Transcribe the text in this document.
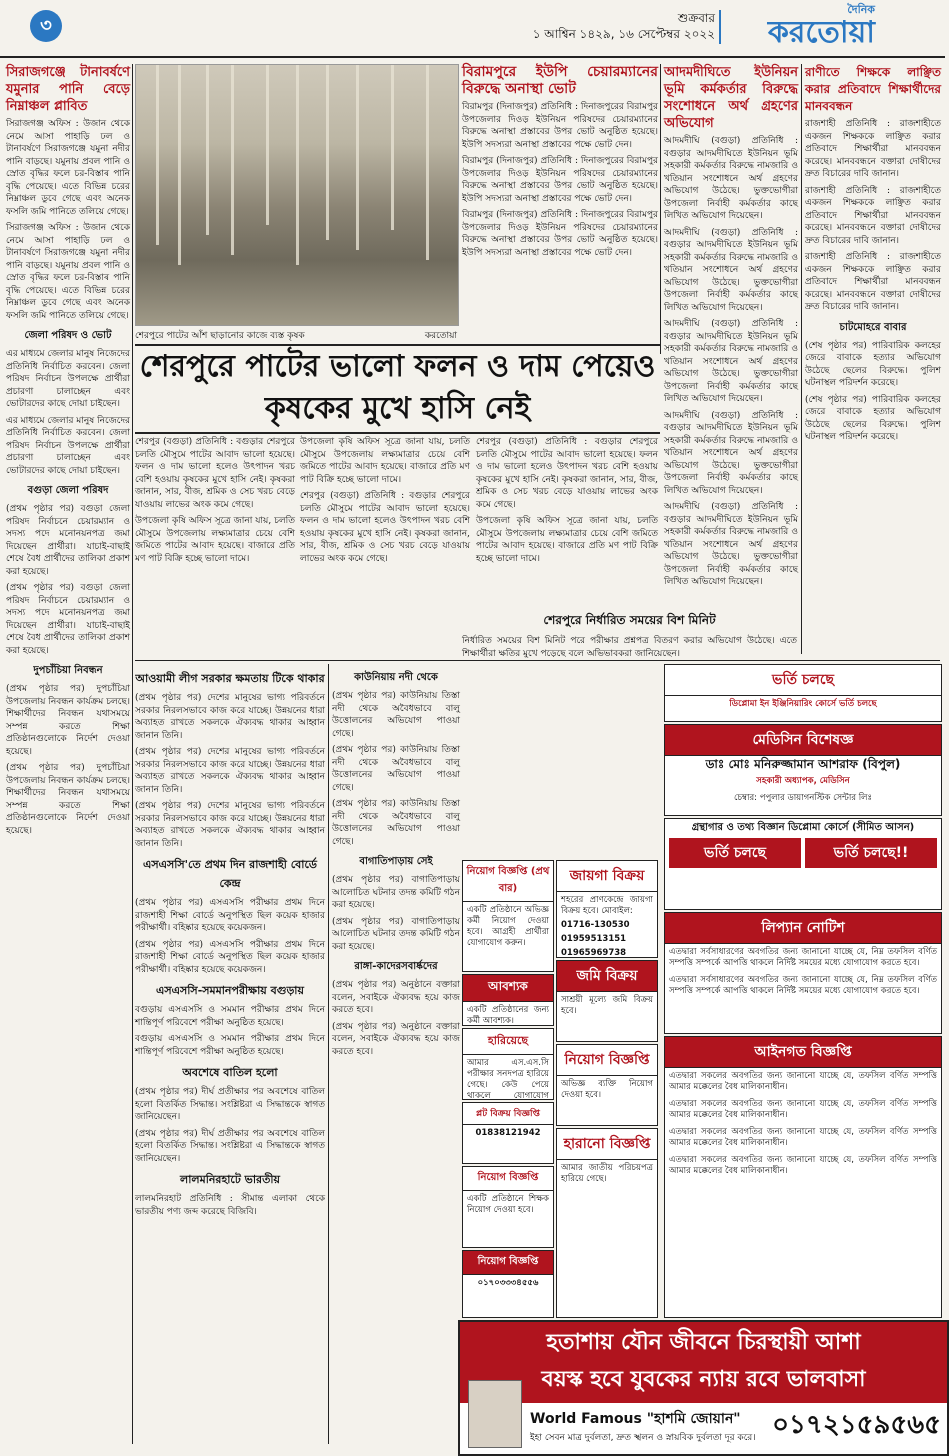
৩	শুক্রবার
১ আশ্বিন ১৪২৯, ১৬ সেপ্টেম্বর ২০২২
দৈনিক
করতোয়া
সিরাজগঞ্জে টানাবর্ষণে যমুনার পানি বেড়ে নিম্নাঞ্চল প্লাবিত
সিরাজগঞ্জ অফিস : উজান থেকে নেমে আসা পাহাড়ি ঢল ও টানাবর্ষণে সিরাজগঞ্জে যমুনা নদীর পানি বাড়ছে। যমুনায় প্রবল পানি ও স্রোত বৃদ্ধির ফলে চর-বিস্তাৰ পানি বৃদ্ধি পেয়েছে। এতে বিভিন্ন চরের নিম্নাঞ্চল ডুবে গেছে এবং অনেক ফসলি জমি পানিতে তলিয়ে গেছে।
সিরাজগঞ্জ অফিস : উজান থেকে নেমে আসা পাহাড়ি ঢল ও টানাবর্ষণে সিরাজগঞ্জে যমুনা নদীর পানি বাড়ছে। যমুনায় প্রবল পানি ও স্রোত বৃদ্ধির ফলে চর-বিস্তাৰ পানি বৃদ্ধি পেয়েছে। এতে বিভিন্ন চরের নিম্নাঞ্চল ডুবে গেছে এবং অনেক ফসলি জমি পানিতে তলিয়ে গেছে।
জেলা পরিষদ ও ভোট
এর মাধ্যমে জেলার মানুষ নিজেদের প্রতিনিধি নির্বাচিত করবেন। জেলা পরিষদ নির্বাচন উপলক্ষে প্রার্থীরা প্রচারণা চালাচ্ছেন এবং ভোটারদের কাছে দোয়া চাইছেন।
এর মাধ্যমে জেলার মানুষ নিজেদের প্রতিনিধি নির্বাচিত করবেন। জেলা পরিষদ নির্বাচন উপলক্ষে প্রার্থীরা প্রচারণা চালাচ্ছেন এবং ভোটারদের কাছে দোয়া চাইছেন।
বগুড়া জেলা পরিষদ
(প্রথম পৃষ্ঠার পর) বগুড়া জেলা পরিষদ নির্বাচনে চেয়ারম্যান ও সদস্য পদে মনোনয়নপত্র জমা দিয়েছেন প্রার্থীরা। যাচাই-বাছাই শেষে বৈধ প্রার্থীদের তালিকা প্রকাশ করা হয়েছে।
(প্রথম পৃষ্ঠার পর) বগুড়া জেলা পরিষদ নির্বাচনে চেয়ারম্যান ও সদস্য পদে মনোনয়নপত্র জমা দিয়েছেন প্রার্থীরা। যাচাই-বাছাই শেষে বৈধ প্রার্থীদের তালিকা প্রকাশ করা হয়েছে।
দুপচাঁচিয়া নিবন্ধন
(প্রথম পৃষ্ঠার পর) দুপচাঁচিয়া উপজেলায় নিবন্ধন কার্যক্রম চলছে। শিক্ষার্থীদের নিবন্ধন যথাসময়ে সম্পন্ন করতে শিক্ষা প্রতিষ্ঠানগুলোকে নির্দেশ দেওয়া হয়েছে।
(প্রথম পৃষ্ঠার পর) দুপচাঁচিয়া উপজেলায় নিবন্ধন কার্যক্রম চলছে। শিক্ষার্থীদের নিবন্ধন যথাসময়ে সম্পন্ন করতে শিক্ষা প্রতিষ্ঠানগুলোকে নির্দেশ দেওয়া হয়েছে।
শেরপুরে পাটের আঁশ ছাড়ানোর কাজে ব্যস্ত কৃষক	করতোয়া
বিরামপুরে ইউপি চেয়ারম্যানের বিরুদ্ধে অনাস্থা ভোট
বিরামপুর (দিনাজপুর) প্রতিনিধি : দিনাজপুরের বিরামপুর উপজেলার দিওড় ইউনিয়ন পরিষদের চেয়ারম্যানের বিরুদ্ধে অনাস্থা প্রস্তাবের উপর ভোট অনুষ্ঠিত হয়েছে। ইউপি সদস্যরা অনাস্থা প্রস্তাবের পক্ষে ভোট দেন।
বিরামপুর (দিনাজপুর) প্রতিনিধি : দিনাজপুরের বিরামপুর উপজেলার দিওড় ইউনিয়ন পরিষদের চেয়ারম্যানের বিরুদ্ধে অনাস্থা প্রস্তাবের উপর ভোট অনুষ্ঠিত হয়েছে। ইউপি সদস্যরা অনাস্থা প্রস্তাবের পক্ষে ভোট দেন।
বিরামপুর (দিনাজপুর) প্রতিনিধি : দিনাজপুরের বিরামপুর উপজেলার দিওড় ইউনিয়ন পরিষদের চেয়ারম্যানের বিরুদ্ধে অনাস্থা প্রস্তাবের উপর ভোট অনুষ্ঠিত হয়েছে। ইউপি সদস্যরা অনাস্থা প্রস্তাবের পক্ষে ভোট দেন।
আদমদীঘিতে ইউনিয়ন ভূমি কর্মকর্তার বিরুদ্ধে সংশোধনে অর্থ গ্রহণের অভিযোগ
আদমদীঘি (বগুড়া) প্রতিনিধি : বগুড়ার আদমদীঘিতে ইউনিয়ন ভূমি সহকারী কর্মকর্তার বিরুদ্ধে নামজারি ও খতিয়ান সংশোধনে অর্থ গ্রহণের অভিযোগ উঠেছে। ভুক্তভোগীরা উপজেলা নির্বাহী কর্মকর্তার কাছে লিখিত অভিযোগ দিয়েছেন।
আদমদীঘি (বগুড়া) প্রতিনিধি : বগুড়ার আদমদীঘিতে ইউনিয়ন ভূমি সহকারী কর্মকর্তার বিরুদ্ধে নামজারি ও খতিয়ান সংশোধনে অর্থ গ্রহণের অভিযোগ উঠেছে। ভুক্তভোগীরা উপজেলা নির্বাহী কর্মকর্তার কাছে লিখিত অভিযোগ দিয়েছেন।
আদমদীঘি (বগুড়া) প্রতিনিধি : বগুড়ার আদমদীঘিতে ইউনিয়ন ভূমি সহকারী কর্মকর্তার বিরুদ্ধে নামজারি ও খতিয়ান সংশোধনে অর্থ গ্রহণের অভিযোগ উঠেছে। ভুক্তভোগীরা উপজেলা নির্বাহী কর্মকর্তার কাছে লিখিত অভিযোগ দিয়েছেন।
আদমদীঘি (বগুড়া) প্রতিনিধি : বগুড়ার আদমদীঘিতে ইউনিয়ন ভূমি সহকারী কর্মকর্তার বিরুদ্ধে নামজারি ও খতিয়ান সংশোধনে অর্থ গ্রহণের অভিযোগ উঠেছে। ভুক্তভোগীরা উপজেলা নির্বাহী কর্মকর্তার কাছে লিখিত অভিযোগ দিয়েছেন।
আদমদীঘি (বগুড়া) প্রতিনিধি : বগুড়ার আদমদীঘিতে ইউনিয়ন ভূমি সহকারী কর্মকর্তার বিরুদ্ধে নামজারি ও খতিয়ান সংশোধনে অর্থ গ্রহণের অভিযোগ উঠেছে। ভুক্তভোগীরা উপজেলা নির্বাহী কর্মকর্তার কাছে লিখিত অভিযোগ দিয়েছেন।
রাণীতে শিক্ষকে লাঞ্ছিত করার প্রতিবাদে শিক্ষার্থীদের মানববন্ধন
রাজশাহী প্রতিনিধি : রাজশাহীতে একজন শিক্ষককে লাঞ্ছিত করার প্রতিবাদে শিক্ষার্থীরা মানববন্ধন করেছে। মানববন্ধনে বক্তারা দোষীদের দ্রুত বিচারের দাবি জানান।
রাজশাহী প্রতিনিধি : রাজশাহীতে একজন শিক্ষককে লাঞ্ছিত করার প্রতিবাদে শিক্ষার্থীরা মানববন্ধন করেছে। মানববন্ধনে বক্তারা দোষীদের দ্রুত বিচারের দাবি জানান।
রাজশাহী প্রতিনিধি : রাজশাহীতে একজন শিক্ষককে লাঞ্ছিত করার প্রতিবাদে শিক্ষার্থীরা মানববন্ধন করেছে। মানববন্ধনে বক্তারা দোষীদের দ্রুত বিচারের দাবি জানান।
চাটমোহরে বাবার
(শেষ পৃষ্ঠার পর) পারিবারিক কলহের জেরে বাবাকে হত্যার অভিযোগ উঠেছে ছেলের বিরুদ্ধে। পুলিশ ঘটনাস্থল পরিদর্শন করেছে।
(শেষ পৃষ্ঠার পর) পারিবারিক কলহের জেরে বাবাকে হত্যার অভিযোগ উঠেছে ছেলের বিরুদ্ধে। পুলিশ ঘটনাস্থল পরিদর্শন করেছে।
শেরপুরে পাটের ভালো ফলন ও দাম পেয়েও কৃষকের মুখে হাসি নেই
শেরপুর (বগুড়া) প্রতিনিধি : বগুড়ার শেরপুরে চলতি মৌসুমে পাটের আবাদ ভালো হয়েছে। ফলন ও দাম ভালো হলেও উৎপাদন খরচ বেশি হওয়ায় কৃষকের মুখে হাসি নেই। কৃষকরা জানান, সার, বীজ, শ্রমিক ও সেচ খরচ বেড়ে যাওয়ায় লাভের অংক কমে গেছে।
উপজেলা কৃষি অফিস সূত্রে জানা যায়, চলতি মৌসুমে উপজেলায় লক্ষ্যমাত্রার চেয়ে বেশি জমিতে পাটের আবাদ হয়েছে। বাজারে প্রতি মণ পাট বিক্রি হচ্ছে ভালো দামে।
উপজেলা কৃষি অফিস সূত্রে জানা যায়, চলতি মৌসুমে উপজেলায় লক্ষ্যমাত্রার চেয়ে বেশি জমিতে পাটের আবাদ হয়েছে। বাজারে প্রতি মণ পাট বিক্রি হচ্ছে ভালো দামে।
শেরপুর (বগুড়া) প্রতিনিধি : বগুড়ার শেরপুরে চলতি মৌসুমে পাটের আবাদ ভালো হয়েছে। ফলন ও দাম ভালো হলেও উৎপাদন খরচ বেশি হওয়ায় কৃষকের মুখে হাসি নেই। কৃষকরা জানান, সার, বীজ, শ্রমিক ও সেচ খরচ বেড়ে যাওয়ায় লাভের অংক কমে গেছে।
শেরপুর (বগুড়া) প্রতিনিধি : বগুড়ার শেরপুরে চলতি মৌসুমে পাটের আবাদ ভালো হয়েছে। ফলন ও দাম ভালো হলেও উৎপাদন খরচ বেশি হওয়ায় কৃষকের মুখে হাসি নেই। কৃষকরা জানান, সার, বীজ, শ্রমিক ও সেচ খরচ বেড়ে যাওয়ায় লাভের অংক কমে গেছে।
উপজেলা কৃষি অফিস সূত্রে জানা যায়, চলতি মৌসুমে উপজেলায় লক্ষ্যমাত্রার চেয়ে বেশি জমিতে পাটের আবাদ হয়েছে। বাজারে প্রতি মণ পাট বিক্রি হচ্ছে ভালো দামে।
শেরপুরে নির্ধারিত সময়ের বিশ মিনিট
নির্ধারিত সময়ের বিশ মিনিট পরে পরীক্ষার প্রশ্নপত্র বিতরণ করার অভিযোগ উঠেছে। এতে শিক্ষার্থীরা ক্ষতির মুখে পড়েছে বলে অভিভাবকরা জানিয়েছেন।
আওয়ামী লীগ সরকার ক্ষমতায় টিকে থাকার
(প্রথম পৃষ্ঠার পর) দেশের মানুষের ভাগ্য পরিবর্তনে সরকার নিরলসভাবে কাজ করে যাচ্ছে। উন্নয়নের ধারা অব্যাহত রাখতে সকলকে ঐক্যবদ্ধ থাকার আহ্বান জানান তিনি।
(প্রথম পৃষ্ঠার পর) দেশের মানুষের ভাগ্য পরিবর্তনে সরকার নিরলসভাবে কাজ করে যাচ্ছে। উন্নয়নের ধারা অব্যাহত রাখতে সকলকে ঐক্যবদ্ধ থাকার আহ্বান জানান তিনি।
(প্রথম পৃষ্ঠার পর) দেশের মানুষের ভাগ্য পরিবর্তনে সরকার নিরলসভাবে কাজ করে যাচ্ছে। উন্নয়নের ধারা অব্যাহত রাখতে সকলকে ঐক্যবদ্ধ থাকার আহ্বান জানান তিনি।
এসএসসি'তে প্রথম দিন রাজশাহী বোর্ডে কেন্দ্র
(প্রথম পৃষ্ঠার পর) এসএসসি পরীক্ষার প্রথম দিনে রাজশাহী শিক্ষা বোর্ডে অনুপস্থিত ছিল কয়েক হাজার পরীক্ষার্থী। বহিষ্কার হয়েছে কয়েকজন।
(প্রথম পৃষ্ঠার পর) এসএসসি পরীক্ষার প্রথম দিনে রাজশাহী শিক্ষা বোর্ডে অনুপস্থিত ছিল কয়েক হাজার পরীক্ষার্থী। বহিষ্কার হয়েছে কয়েকজন।
এসএসসি-সমমানপরীক্ষায় বগুড়ায়
বগুড়ায় এসএসসি ও সমমান পরীক্ষার প্রথম দিনে শান্তিপূর্ণ পরিবেশে পরীক্ষা অনুষ্ঠিত হয়েছে।
বগুড়ায় এসএসসি ও সমমান পরীক্ষার প্রথম দিনে শান্তিপূর্ণ পরিবেশে পরীক্ষা অনুষ্ঠিত হয়েছে।
অবশেষে বাতিল হলো
(প্রথম পৃষ্ঠার পর) দীর্ঘ প্রতীক্ষার পর অবশেষে বাতিল হলো বিতর্কিত সিদ্ধান্ত। সংশ্লিষ্টরা এ সিদ্ধান্তকে স্বাগত জানিয়েছেন।
(প্রথম পৃষ্ঠার পর) দীর্ঘ প্রতীক্ষার পর অবশেষে বাতিল হলো বিতর্কিত সিদ্ধান্ত। সংশ্লিষ্টরা এ সিদ্ধান্তকে স্বাগত জানিয়েছেন।
লালমনিরহাটে ভারতীয়
লালমনিরহাট প্রতিনিধি : সীমান্ত এলাকা থেকে ভারতীয় পণ্য জব্দ করেছে বিজিবি।
কাউনিয়ায় নদী থেকে
(প্রথম পৃষ্ঠার পর) কাউনিয়ায় তিস্তা নদী থেকে অবৈধভাবে বালু উত্তোলনের অভিযোগ পাওয়া গেছে।
(প্রথম পৃষ্ঠার পর) কাউনিয়ায় তিস্তা নদী থেকে অবৈধভাবে বালু উত্তোলনের অভিযোগ পাওয়া গেছে।
(প্রথম পৃষ্ঠার পর) কাউনিয়ায় তিস্তা নদী থেকে অবৈধভাবে বালু উত্তোলনের অভিযোগ পাওয়া গেছে।
বাগাতিপাড়ায় সেই
(প্রথম পৃষ্ঠার পর) বাগাতিপাড়ায় আলোচিত ঘটনার তদন্ত কমিটি গঠন করা হয়েছে।
(প্রথম পৃষ্ঠার পর) বাগাতিপাড়ায় আলোচিত ঘটনার তদন্ত কমিটি গঠন করা হয়েছে।
রাঙ্গা-কাদেরসবার্ষ্কদের
(প্রথম পৃষ্ঠার পর) অনুষ্ঠানে বক্তারা বলেন, সবাইকে ঐক্যবদ্ধ হয়ে কাজ করতে হবে।
(প্রথম পৃষ্ঠার পর) অনুষ্ঠানে বক্তারা বলেন, সবাইকে ঐক্যবদ্ধ হয়ে কাজ করতে হবে।
নিয়োগ বিজ্ঞপ্তি (প্রথ বার)
একটি প্রতিষ্ঠানে অভিজ্ঞ কর্মী নিয়োগ দেওয়া হবে। আগ্রহী প্রার্থীরা যোগাযোগ করুন।
আবশ্যক
একটি প্রতিষ্ঠানের জন্য কর্মী আবশ্যক।
হারিয়েছে
আমার এস.এস.সি পরীক্ষার সনদপত্র হারিয়ে গেছে। কেউ পেয়ে থাকলে যোগাযোগ
প্লট বিক্রয় বিজ্ঞপ্তি
01838121942
নিয়োগ বিজ্ঞপ্তি
একটি প্রতিষ্ঠানে শিক্ষক নিয়োগ দেওয়া হবে।
নিয়োগ বিজ্ঞপ্তি
০১৭০৩৩৩৪৫৫৬
জায়গা বিক্রয়
শহরের প্রাণকেন্দ্রে জায়গা বিক্রয় হবে। মোবাইল:
01716-130530
01959513151
01965969738
জমি বিক্রয়
সাশ্রয়ী মূল্যে জমি বিক্রয় হবে।
নিয়োগ বিজ্ঞপ্তি
অভিজ্ঞ ব্যক্তি নিয়োগ দেওয়া হবে।
হারানো বিজ্ঞপ্তি
আমার জাতীয় পরিচয়পত্র হারিয়ে গেছে।
ভর্তি চলছে
ডিপ্লোমা ইন ইঞ্জিনিয়ারিং কোর্সে ভর্তি চলছে
মেডিসিন বিশেষজ্ঞ
ডাঃ মোঃ মনিরুজ্জামান আশরাফ (বিপুল)
সহকারী অধ্যাপক, মেডিসিন
চেম্বার: পপুলার ডায়াগনস্টিক সেন্টার লিঃ
গ্রন্থাগার ও তথ্য বিজ্ঞান ডিপ্লোমা কোর্সে (সীমিত আসন)
ভর্তি চলছে	ভর্তি চলছে!!
লিপ্যান নোটিশ
এতদ্বারা সর্বসাধারণের অবগতির জন্য জানানো যাচ্ছে যে, নিম্ন তফসিল বর্ণিত সম্পত্তি সম্পর্কে আপত্তি থাকলে নির্দিষ্ট সময়ের মধ্যে যোগাযোগ করতে হবে।
এতদ্বারা সর্বসাধারণের অবগতির জন্য জানানো যাচ্ছে যে, নিম্ন তফসিল বর্ণিত সম্পত্তি সম্পর্কে আপত্তি থাকলে নির্দিষ্ট সময়ের মধ্যে যোগাযোগ করতে হবে।
আইনগত বিজ্ঞপ্তি
এতদ্বারা সকলের অবগতির জন্য জানানো যাচ্ছে যে, তফসিল বর্ণিত সম্পত্তি আমার মক্কেলের বৈধ মালিকানাধীন।
এতদ্বারা সকলের অবগতির জন্য জানানো যাচ্ছে যে, তফসিল বর্ণিত সম্পত্তি আমার মক্কেলের বৈধ মালিকানাধীন।
এতদ্বারা সকলের অবগতির জন্য জানানো যাচ্ছে যে, তফসিল বর্ণিত সম্পত্তি আমার মক্কেলের বৈধ মালিকানাধীন।
এতদ্বারা সকলের অবগতির জন্য জানানো যাচ্ছে যে, তফসিল বর্ণিত সম্পত্তি আমার মক্কেলের বৈধ মালিকানাধীন।
হতাশায় যৌন জীবনে চিরস্থায়ী আশা
বয়স্ক হবে যুবকের ন্যায় রবে ভালবাসা
World Famous "হাশমি জোয়ান"
ইহা সেবন মাত্র দুর্বলতা, দ্রুত স্খলন ও স্নায়বিক দুর্বলতা দূর করে। ০১৭২১৫৯৫৬৫
